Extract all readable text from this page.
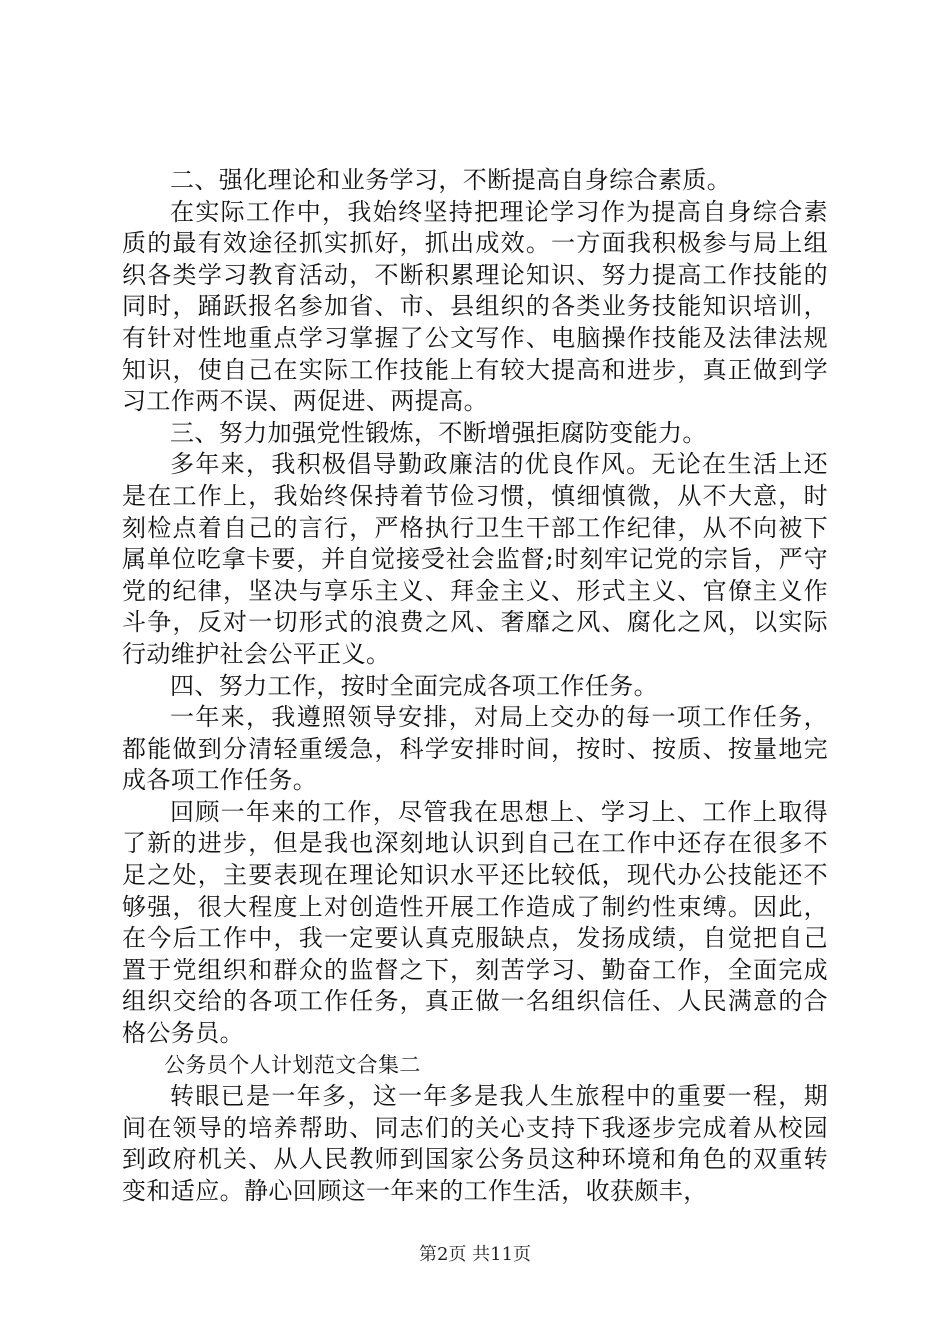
二、强化理论和业务学习，不断提高自身综合素质。

在实际工作中，我始终坚持把理论学习作为提高自身综合素质的最有效途径抓实抓好，抓出成效。一方面我积极参与局上组织各类学习教育活动，不断积累理论知识、努力提高工作技能的同时，踊跃报名参加省、市、县组织的各类业务技能知识培训，有针对性地重点学习掌握了公文写作、电脑操作技能及法律法规知识，使自己在实际工作技能上有较大提高和进步，真正做到学习工作两不误、两促进、两提高。

三、努力加强党性锻炼，不断增强拒腐防变能力。

多年来，我积极倡导勤政廉洁的优良作风。无论在生活上还是在工作上，我始终保持着节俭习惯，慎细慎微，从不大意，时刻检点着自己的言行，严格执行卫生干部工作纪律，从不向被下属单位吃拿卡要，并自觉接受社会监督;时刻牢记党的宗旨，严守党的纪律，坚决与享乐主义、拜金主义、形式主义、官僚主义作斗争，反对一切形式的浪费之风、奢靡之风、腐化之风，以实际行动维护社会公平正义。

四、努力工作，按时全面完成各项工作任务。

一年来，我遵照领导安排，对局上交办的每一项工作任务，都能做到分清轻重缓急，科学安排时间，按时、按质、按量地完成各项工作任务。

回顾一年来的工作，尽管我在思想上、学习上、工作上取得了新的进步，但是我也深刻地认识到自己在工作中还存在很多不足之处，主要表现在理论知识水平还比较低，现代办公技能还不够强，很大程度上对创造性开展工作造成了制约性束缚。因此，在今后工作中，我一定要认真克服缺点，发扬成绩，自觉把自己置于党组织和群众的监督之下，刻苦学习、勤奋工作，全面完成组织交给的各项工作任务，真正做一名组织信任、人民满意的合格公务员。

公务员个人计划范文合集二

转眼已是一年多，这一年多是我人生旅程中的重要一程，期间在领导的培养帮助、同志们的关心支持下我逐步完成着从校园到政府机关、从人民教师到国家公务员这种环境和角色的双重转变和适应。静心回顾这一年来的工作生活，收获颇丰，

第2页 共11页
